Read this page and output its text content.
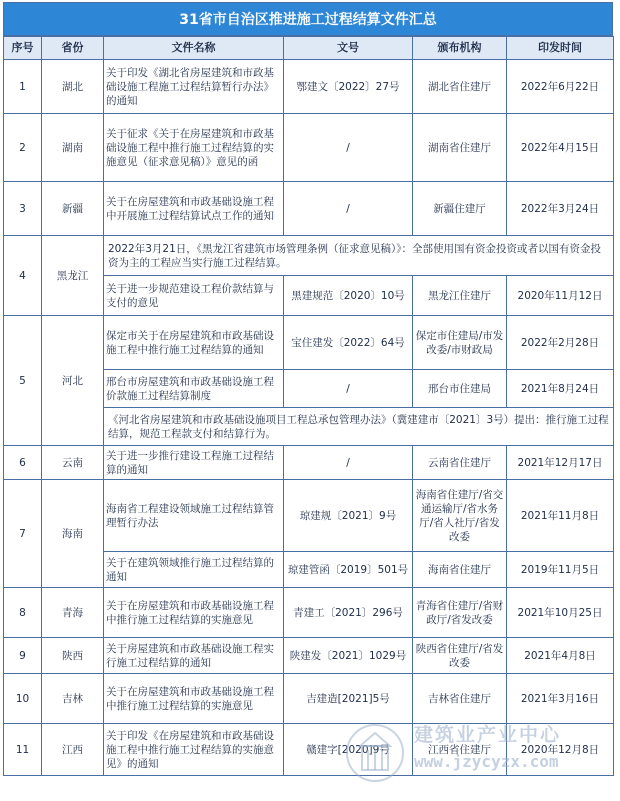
31省市自治区推进施工过程结算文件汇总
序号	省份	文件名称	文号	颁布机构	印发时间
1	湖北	关于印发《湖北省房屋建筑和市政基础设施工程施工过程结算暂行办法》的通知	鄂建文〔2022〕27号	湖北省住建厅	2022年6月22日
2	湖南	关于征求《关于在房屋建筑和市政基础设施工程中推行施工过程结算的实施意见（征求意见稿）》意见的函	/	湖南省住建厅	2022年4月15日
3	新疆	关于在房屋建筑和市政基础设施工程中开展施工过程结算试点工作的通知	/	新疆住建厅	2022年3月24日
4	黑龙江	2022年3月21日，《黑龙江省建筑市场管理条例（征求意见稿）》：全部使用国有资金投资或者以国有资金投资为主的工程应当实行施工过程结算。			
		关于进一步规范建设工程价款结算与支付的意见	黑建规范〔2020〕10号	黑龙江住建厅	2020年11月12日
5	河北	保定市关于在房屋建筑和市政基础设施工程中推行施工过程结算的通知	宝住建发〔2022〕64号	保定市住建局/市发改委/市财政局	2022年2月28日
		邢台市房屋建筑和市政基础设施工程价款施工过程结算制度	/	邢台市住建局	2021年8月24日
		《河北省房屋建筑和市政基础设施项目工程总承包管理办法》（冀建建市〔2021〕3号）提出：推行施工过程结算，规范工程款支付和结算行为。			
6	云南	关于进一步推行建设工程施工过程结算的通知	/	云南省住建厅	2021年12月17日
7	海南	海南省工程建设领域施工过程结算管理暂行办法	琼建规〔2021〕9号	海南省住建厅/省交通运输厅/省水务厅/省人社厅/省发改委	2021年11月8日
		关于在建筑领域推行施工过程结算的通知	琼建管函〔2019〕501号	海南省住建厅	2019年11月5日
8	青海	关于在房屋建筑和市政基础设施工程中推行施工过程结算的实施意见	青建工〔2021〕296号	青海省住建厅/省财政厅/省发改委	2021年10月25日
9	陕西	关于房屋建筑和市政基础设施工程实行施工过程结算的通知	陕建发〔2021〕1029号	陕西省住建厅/省发改委	2021年4月8日
10	吉林	关于在房屋建筑和市政基础设施工程中推行施工过程结算的实施意见	吉建造[2021]5号	吉林省住建厅	2021年3月16日
11	江西	关于印发《在房屋建筑和市政基础设施工程中推行施工过程结算的实施意见》的通知	赣建字[2020]9号	江西省住建厅	2020年12月8日
建筑业产业中心
www.jzycyzx.com
